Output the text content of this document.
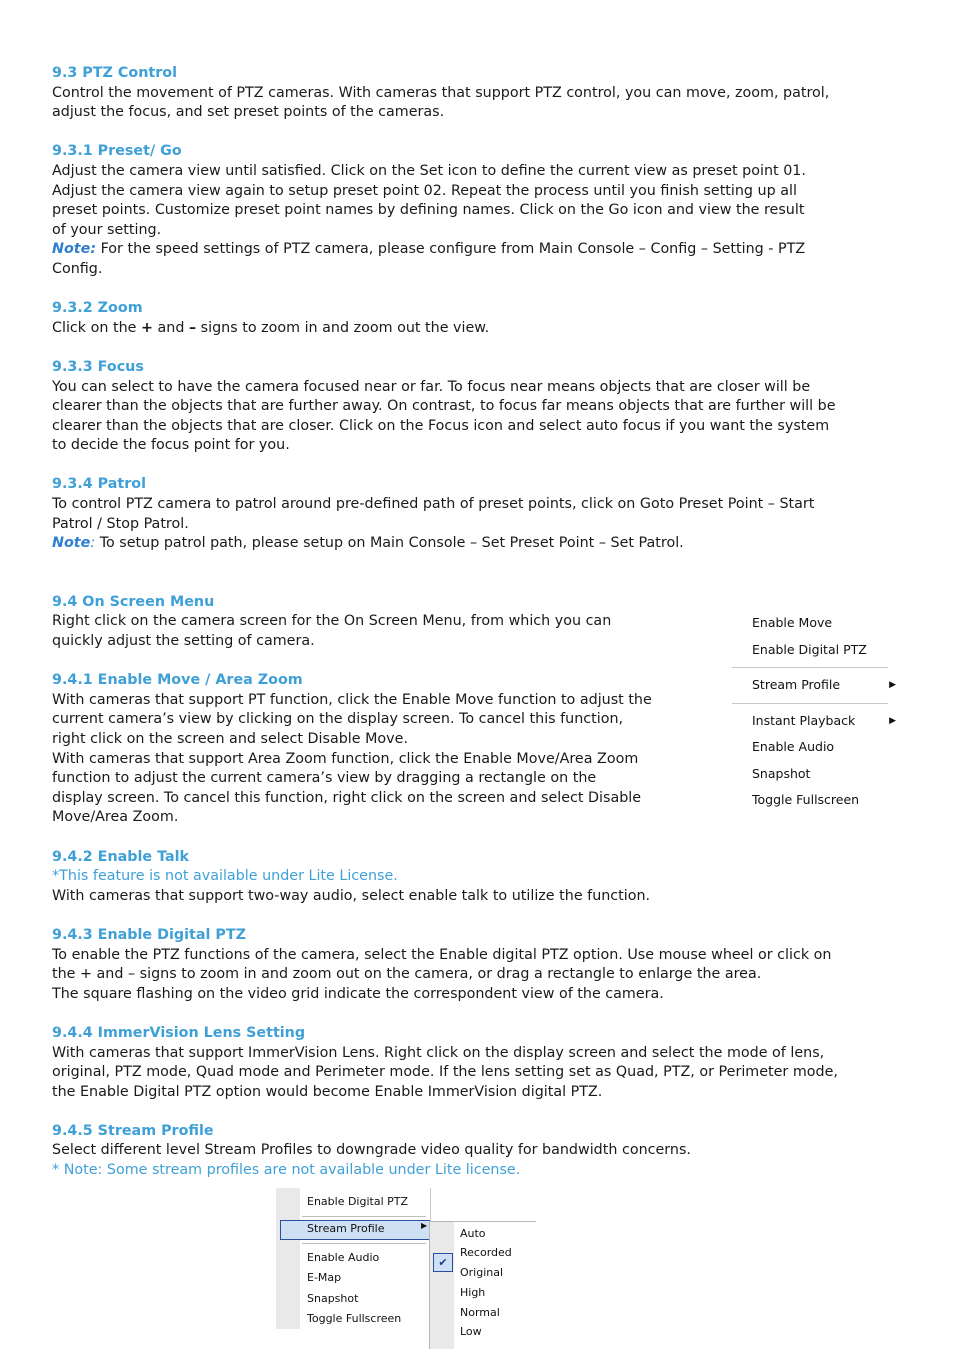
9.3 PTZ Control

Control the movement of PTZ cameras. With cameras that support PTZ control, you can move, zoom, patrol,

adjust the focus, and set preset points of the cameras.

9.3.1 Preset/ Go

Adjust the camera view until satisfied. Click on the Set icon to define the current view as preset point 01.

Adjust the camera view again to setup preset point 02. Repeat the process until you finish setting up all

preset points. Customize preset point names by defining names. Click on the Go icon and view the result

of your setting.

Note: For the speed settings of PTZ camera, please configure from Main Console – Config – Setting - PTZ

Config.

9.3.2 Zoom

Click on the + and – signs to zoom in and zoom out the view.

9.3.3 Focus

You can select to have the camera focused near or far. To focus near means objects that are closer will be

clearer than the objects that are further away. On contrast, to focus far means objects that are further will be

clearer than the objects that are closer. Click on the Focus icon and select auto focus if you want the system

to decide the focus point for you.

9.3.4 Patrol

To control PTZ camera to patrol around pre-defined path of preset points, click on Goto Preset Point – Start

Patrol / Stop Patrol.

Note: To setup patrol path, please setup on Main Console – Set Preset Point – Set Patrol.

9.4 On Screen Menu

Right click on the camera screen for the On Screen Menu, from which you can

quickly adjust the setting of camera.

9.4.1 Enable Move / Area Zoom

With cameras that support PT function, click the Enable Move function to adjust the

current camera’s view by clicking on the display screen. To cancel this function,

right click on the screen and select Disable Move.

With cameras that support Area Zoom function, click the Enable Move/Area Zoom

function to adjust the current camera’s view by dragging a rectangle on the

display screen. To cancel this function, right click on the screen and select Disable

Move/Area Zoom.

9.4.2 Enable Talk

*This feature is not available under Lite License.

With cameras that support two-way audio, select enable talk to utilize the function.

9.4.3 Enable Digital PTZ

To enable the PTZ functions of the camera, select the Enable digital PTZ option. Use mouse wheel or click on

the + and – signs to zoom in and zoom out on the camera, or drag a rectangle to enlarge the area.

The square flashing on the video grid indicate the correspondent view of the camera.

9.4.4 ImmerVision Lens Setting

With cameras that support ImmerVision Lens. Right click on the display screen and select the mode of lens,

original, PTZ mode, Quad mode and Perimeter mode. If the lens setting set as Quad, PTZ, or Perimeter mode,

the Enable Digital PTZ option would become Enable ImmerVision digital PTZ.

9.4.5 Stream Profile

Select different level Stream Profiles to downgrade video quality for bandwidth concerns.

* Note: Some stream profiles are not available under Lite license.

Enable Move
Enable Digital PTZ
Stream Profile	▶
Instant Playback	▶
Enable Audio
Snapshot
Toggle Fullscreen
Enable Digital PTZ
Stream Profile	▶
Enable Audio
E-Map
Snapshot
Toggle Fullscreen
✔
Auto
Recorded
Original
High
Normal
Low
